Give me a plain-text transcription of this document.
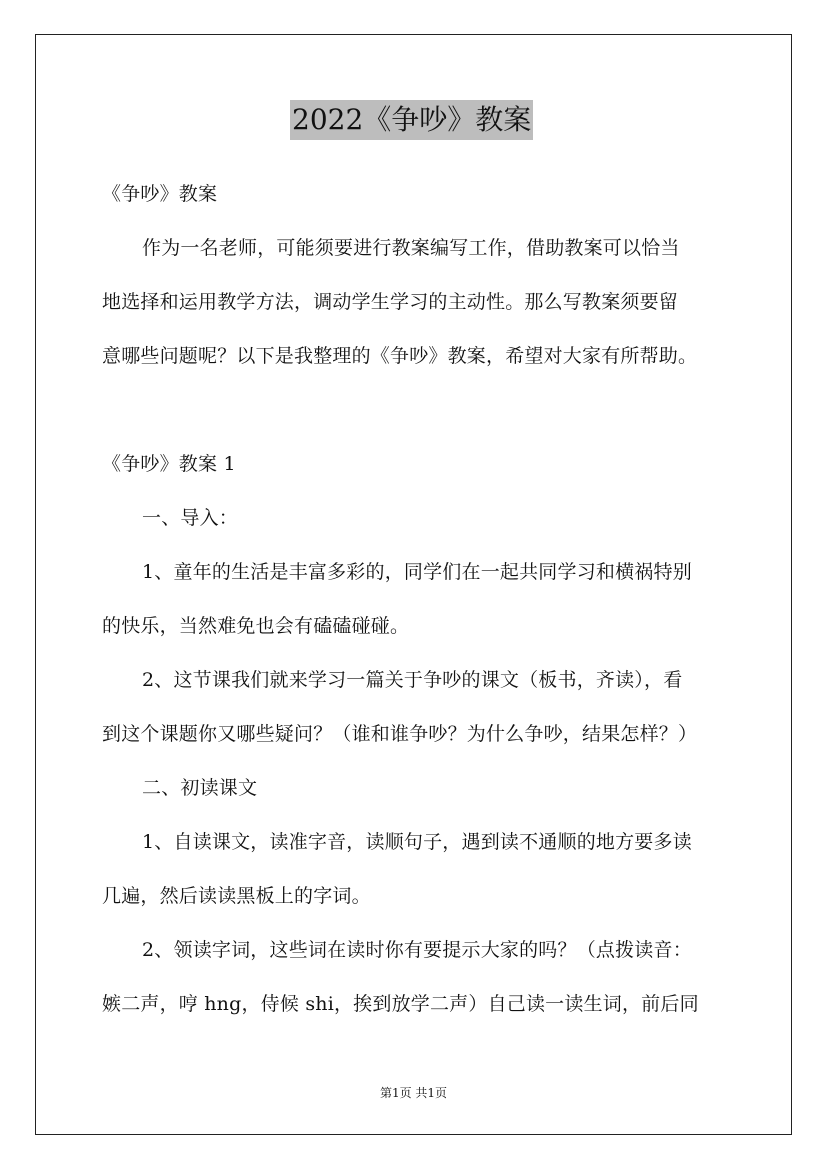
2022《争吵》教案
《争吵》教案
作为一名老师，可能须要进行教案编写工作，借助教案可以恰当
地选择和运用教学方法，调动学生学习的主动性。那么写教案须要留
意哪些问题呢？以下是我整理的《争吵》教案，希望对大家有所帮助。
《争吵》教案 1
一、导入：
1、童年的生活是丰富多彩的，同学们在一起共同学习和横祸特别
的快乐，当然难免也会有磕磕碰碰。
2、这节课我们就来学习一篇关于争吵的课文（板书，齐读），看
到这个课题你又哪些疑问？（谁和谁争吵？为什么争吵，结果怎样？）
二、初读课文
1、自读课文，读准字音，读顺句子，遇到读不通顺的地方要多读
几遍，然后读读黑板上的字词。
2、领读字词，这些词在读时你有要提示大家的吗？（点拨读音：
嫉二声，哼 hng，侍候 shi，挨到放学二声）自己读一读生词，前后同
第1页 共1页
